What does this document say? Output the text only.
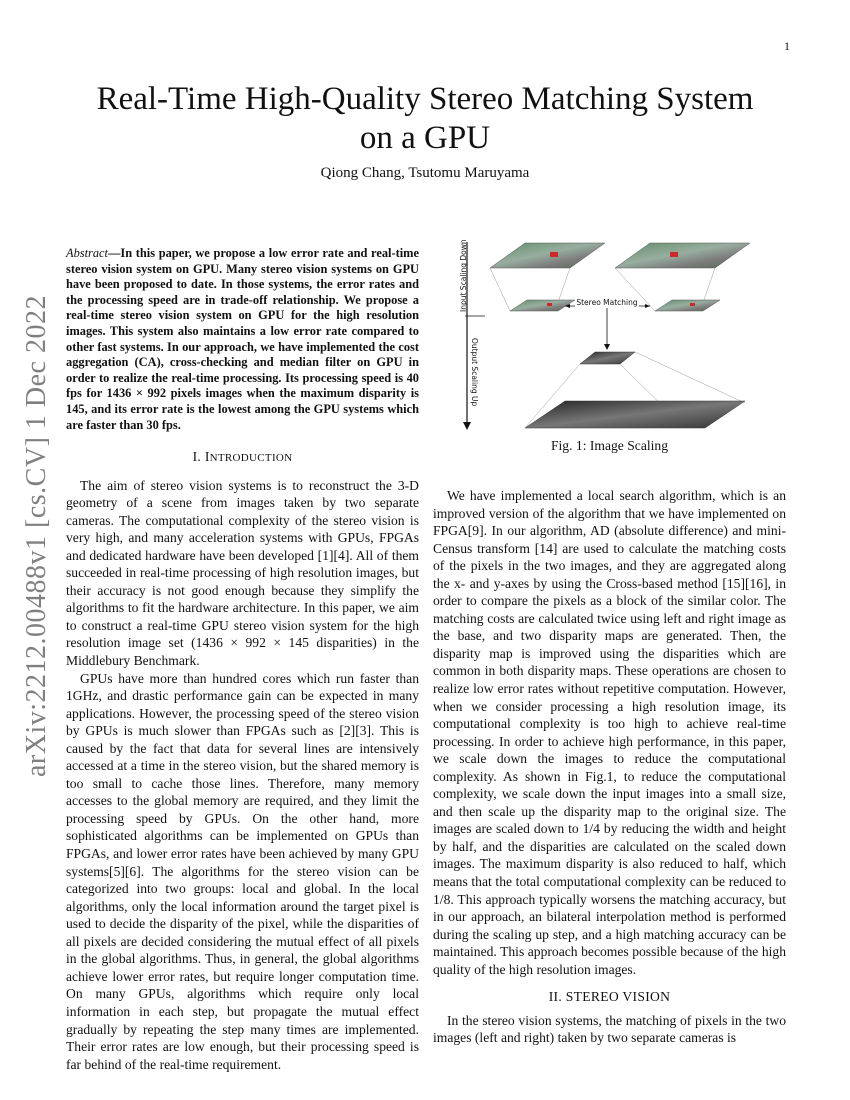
1
arXiv:2212.00488v1 [cs.CV] 1 Dec 2022
Real-Time High-Quality Stereo Matching System on a GPU

Qiong Chang, Tsutomu Maruyama

Abstract—In this paper, we propose a low error rate and real-time stereo vision system on GPU. Many stereo vision systems on GPU have been proposed to date. In those systems, the error rates and the processing speed are in trade-off relationship. We propose a real-time stereo vision system on GPU for the high resolution images. This system also maintains a low error rate compared to other fast systems. In our approach, we have implemented the cost aggregation (CA), cross-checking and median filter on GPU in order to realize the real-time processing. Its processing speed is 40 fps for 1436 × 992 pixels images when the maximum disparity is 145, and its error rate is the lowest among the GPU systems which are faster than 30 fps.
Input Scaling Down
Output Scaling Up
Stereo Matching
Fig. 1: Image Scaling
I. INTRODUCTION

The aim of stereo vision systems is to reconstruct the 3-D geometry of a scene from images taken by two separate cameras. The computational complexity of the stereo vision is very high, and many acceleration systems with GPUs, FPGAs and dedicated hardware have been developed [1][4]. All of them succeeded in real-time processing of high resolution images, but their accuracy is not good enough because they simplify the algorithms to fit the hardware architecture. In this paper, we aim to construct a real-time GPU stereo vision system for the high resolution image set (1436 × 992 × 145 disparities) in the Middlebury Benchmark.

GPUs have more than hundred cores which run faster than 1GHz, and drastic performance gain can be expected in many applications. However, the processing speed of the stereo vision by GPUs is much slower than FPGAs such as [2][3]. This is caused by the fact that data for several lines are intensively accessed at a time in the stereo vision, but the shared memory is too small to cache those lines. Therefore, many memory accesses to the global memory are required, and they limit the processing speed by GPUs. On the other hand, more sophisticated algorithms can be implemented on GPUs than FPGAs, and lower error rates have been achieved by many GPU systems[5][6]. The algorithms for the stereo vision can be categorized into two groups: local and global. In the local algorithms, only the local information around the target pixel is used to decide the disparity of the pixel, while the disparities of all pixels are decided considering the mutual effect of all pixels in the global algorithms. Thus, in general, the global algorithms achieve lower error rates, but require longer computation time. On many GPUs, algorithms which require only local information in each step, but propagate the mutual effect gradually by repeating the step many times are implemented. Their error rates are low enough, but their processing speed is far behind of the real-time requirement.

We have implemented a local search algorithm, which is an improved version of the algorithm that we have implemented on FPGA[9]. In our algorithm, AD (absolute difference) and mini-Census transform [14] are used to calculate the matching costs of the pixels in the two images, and they are aggregated along the x- and y-axes by using the Cross-based method [15][16], in order to compare the pixels as a block of the similar color. The matching costs are calculated twice using left and right image as the base, and two disparity maps are generated. Then, the disparity map is improved using the disparities which are common in both disparity maps. These operations are chosen to realize low error rates without repetitive computation. However, when we consider processing a high resolution image, its computational complexity is too high to achieve real-time processing. In order to achieve high performance, in this paper, we scale down the images to reduce the computational complexity. As shown in Fig.1, to reduce the computational complexity, we scale down the input images into a small size, and then scale up the disparity map to the original size. The images are scaled down to 1/4 by reducing the width and height by half, and the disparities are calculated on the scaled down images. The maximum disparity is also reduced to half, which means that the total computational complexity can be reduced to 1/8. This approach typically worsens the matching accuracy, but in our approach, an bilateral interpolation method is performed during the scaling up step, and a high matching accuracy can be maintained. This approach becomes possible because of the high quality of the high resolution images.

II. STEREO VISION

In the stereo vision systems, the matching of pixels in the two images (left and right) taken by two separate cameras is
